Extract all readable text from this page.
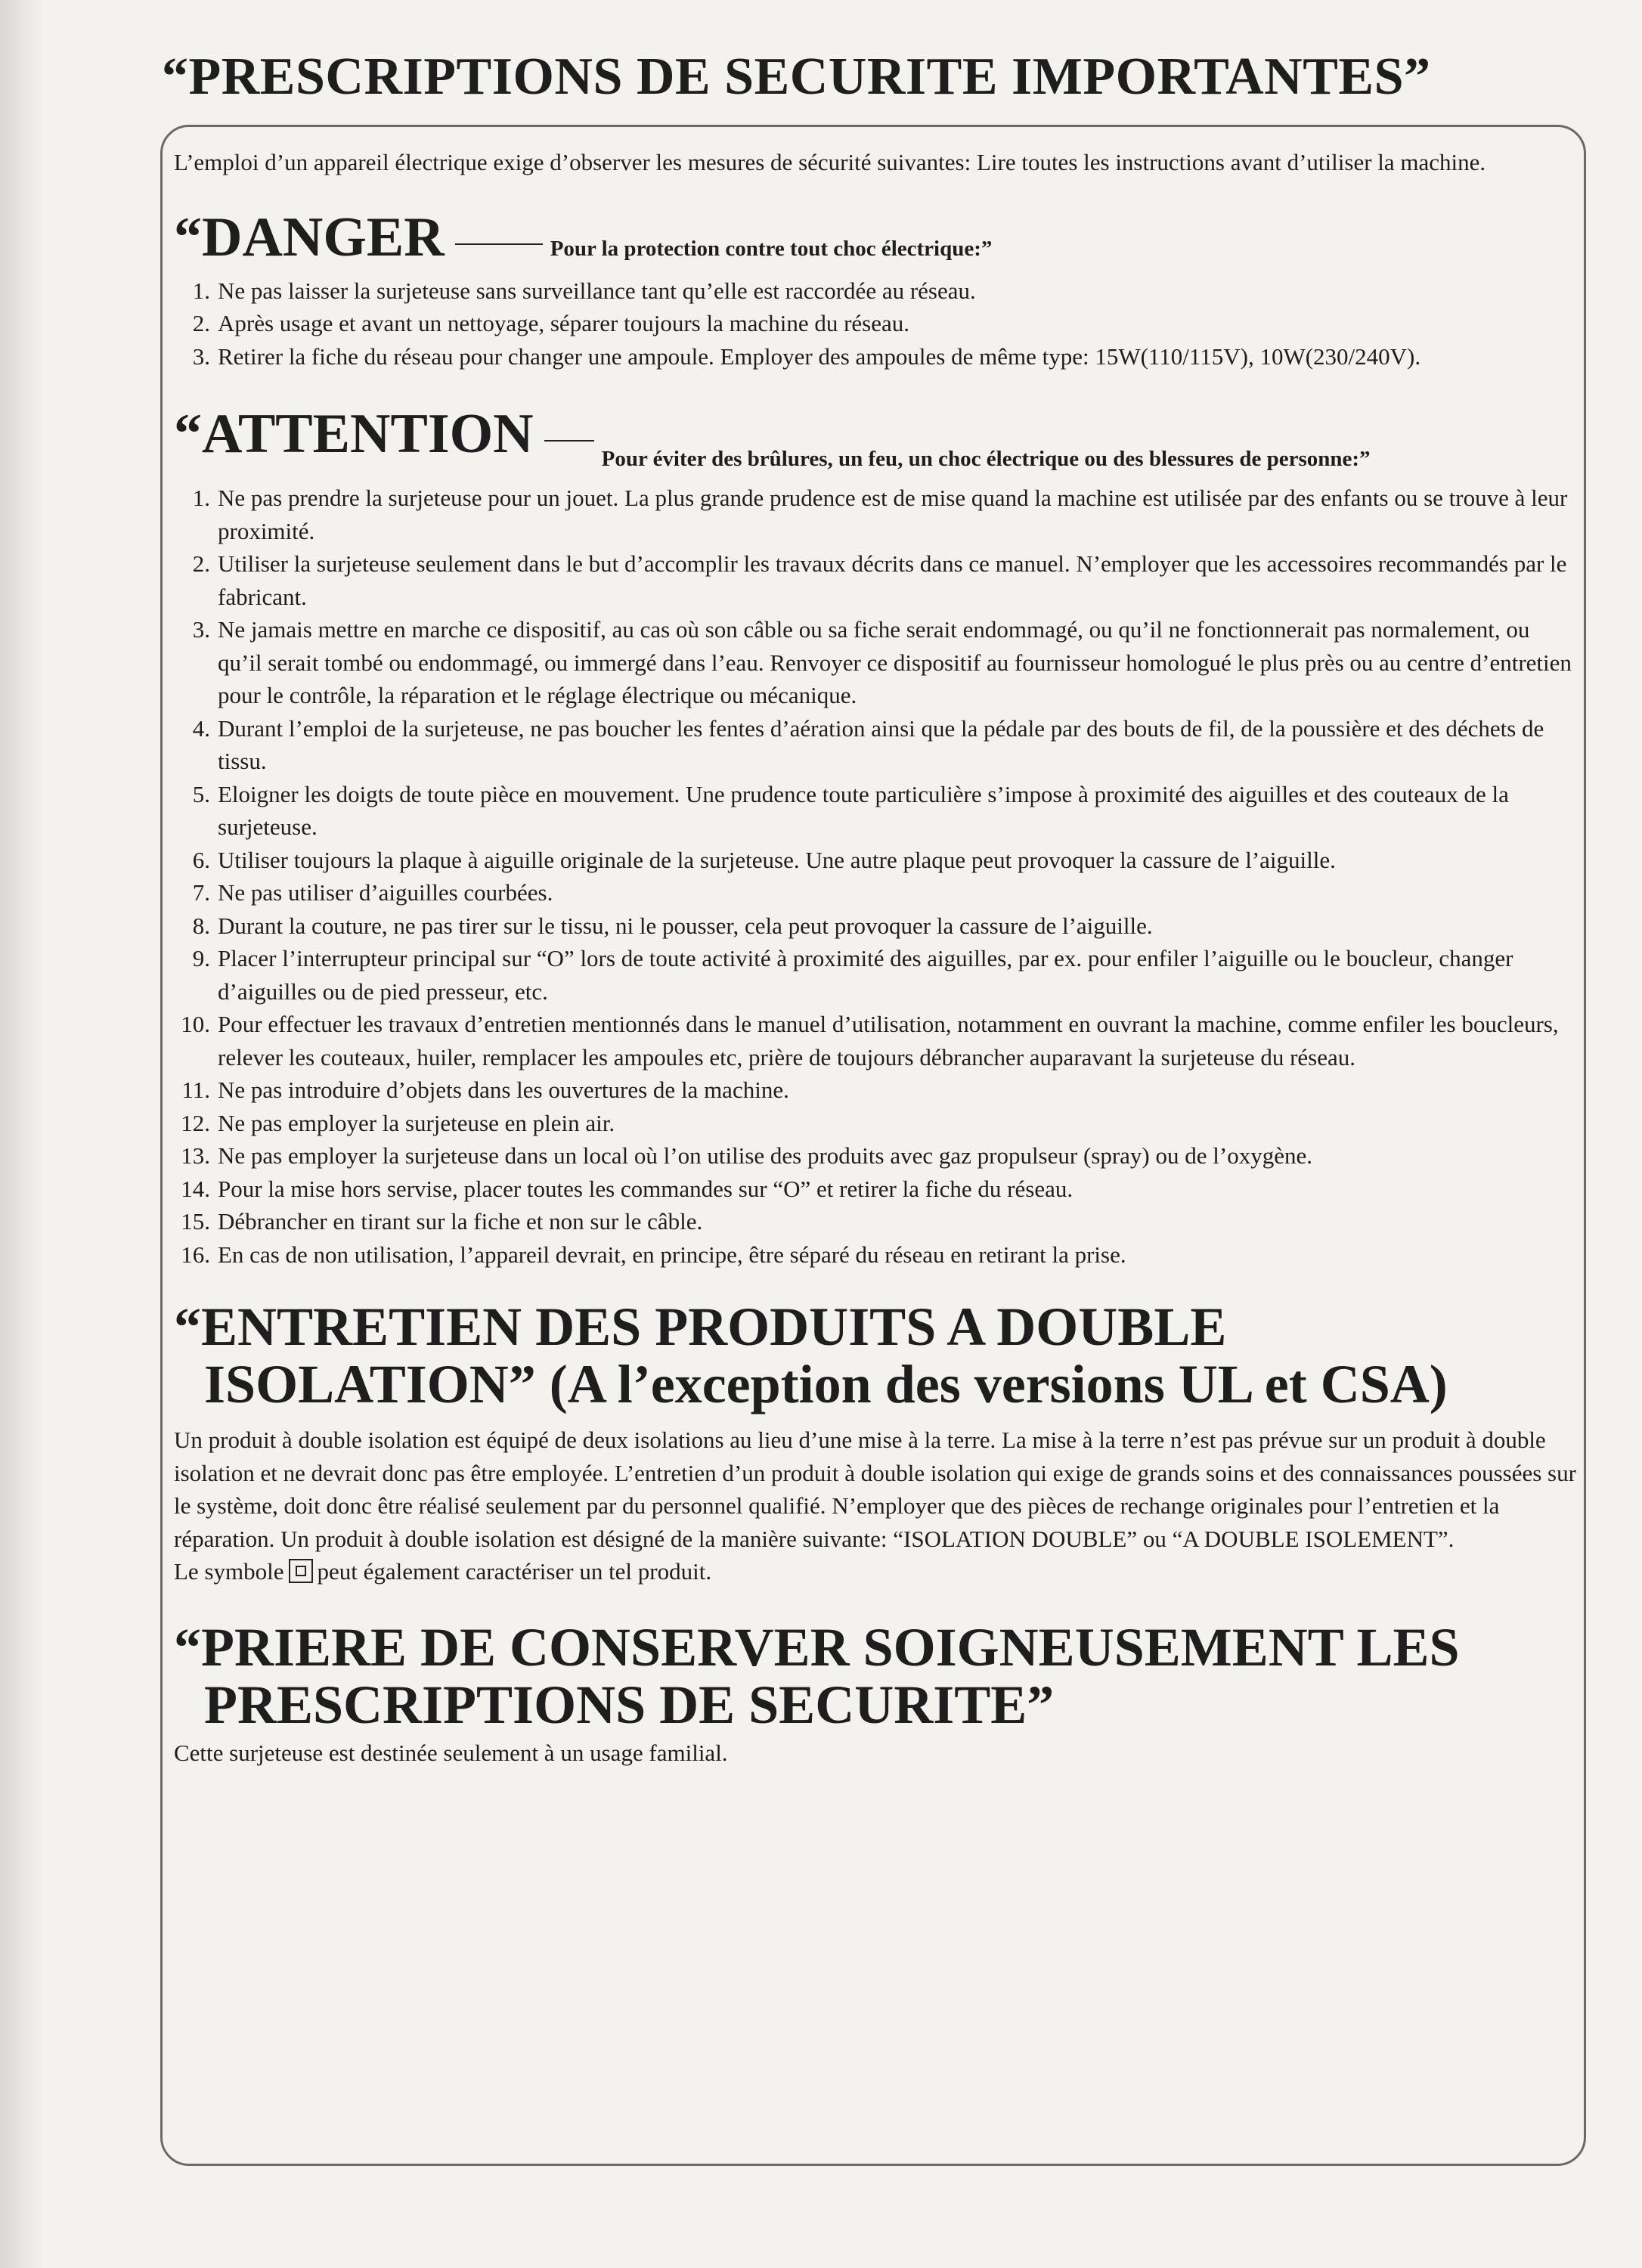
“PRESCRIPTIONS DE SECURITE IMPORTANTES”

L’emploi d’un appareil électrique exige d’observer les mesures de sécurité suivantes: Lire toutes les instructions avant d’utiliser la machine.

“DANGER	Pour la protection contre tout choc électrique:”
1. Ne pas laisser la surjeteuse sans surveillance tant qu’elle est raccordée au réseau.
2. Après usage et avant un nettoyage, séparer toujours la machine du réseau.
3. Retirer la fiche du réseau pour changer une ampoule. Employer des ampoules de même type: 15W(110/115V), 10W(230/240V).
“ATTENTION	Pour éviter des brûlures, un feu, un choc électrique ou des blessures de personne:”
1. Ne pas prendre la surjeteuse pour un jouet. La plus grande prudence est de mise quand la machine est utilisée par des enfants ou se trouve à leur proximité.
2. Utiliser la surjeteuse seulement dans le but d’accomplir les travaux décrits dans ce manuel. N’employer que les accessoires recommandés par le fabricant.
3. Ne jamais mettre en marche ce dispositif, au cas où son câble ou sa fiche serait endommagé, ou qu’il ne fonctionnerait pas normalement, ou qu’il serait tombé ou endommagé, ou immergé dans l’eau. Renvoyer ce dispositif au fournisseur homologué le plus près ou au centre d’entretien pour le contrôle, la réparation et le réglage électrique ou mécanique.
4. Durant l’emploi de la surjeteuse, ne pas boucher les fentes d’aération ainsi que la pédale par des bouts de fil, de la poussière et des déchets de tissu.
5. Eloigner les doigts de toute pièce en mouvement. Une prudence toute particulière s’impose à proximité des aiguilles et des couteaux de la surjeteuse.
6. Utiliser toujours la plaque à aiguille originale de la surjeteuse. Une autre plaque peut provoquer la cassure de l’aiguille.
7. Ne pas utiliser d’aiguilles courbées.
8. Durant la couture, ne pas tirer sur le tissu, ni le pousser, cela peut provoquer la cassure de l’aiguille.
9. Placer l’interrupteur principal sur “O” lors de toute activité à proximité des aiguilles, par ex. pour enfiler l’aiguille ou le boucleur, changer d’aiguilles ou de pied presseur, etc.
10. Pour effectuer les travaux d’entretien mentionnés dans le manuel d’utilisation, notamment en ouvrant la machine, comme enfiler les boucleurs, relever les couteaux, huiler, remplacer les ampoules etc, prière de toujours débrancher auparavant la surjeteuse du réseau.
11. Ne pas introduire d’objets dans les ouvertures de la machine.
12. Ne pas employer la surjeteuse en plein air.
13. Ne pas employer la surjeteuse dans un local où l’on utilise des produits avec gaz propulseur (spray) ou de l’oxygène.
14. Pour la mise hors servise, placer toutes les commandes sur “O” et retirer la fiche du réseau.
15. Débrancher en tirant sur la fiche et non sur le câble.
16. En cas de non utilisation, l’appareil devrait, en principe, être séparé du réseau en retirant la prise.
“ENTRETIEN DES PRODUITS A DOUBLE
ISOLATION” (A l’exception des versions UL et CSA)

Un produit à double isolation est équipé de deux isolations au lieu d’une mise à la terre. La mise à la terre n’est pas prévue sur un produit à double isolation et ne devrait donc pas être employée. L’entretien d’un produit à double isolation qui exige de grands soins et des connaissances poussées sur le système, doit donc être réalisé seulement par du personnel qualifié. N’employer que des pièces de rechange originales pour l’entretien et la réparation. Un produit à double isolation est désigné de la manière suivante: “ISOLATION DOUBLE” ou “A DOUBLE ISOLEMENT”.

Le symbole peut également caractériser un tel produit.

“PRIERE DE CONSERVER SOIGNEUSEMENT LES
PRESCRIPTIONS DE SECURITE”

Cette surjeteuse est destinée seulement à un usage familial.
